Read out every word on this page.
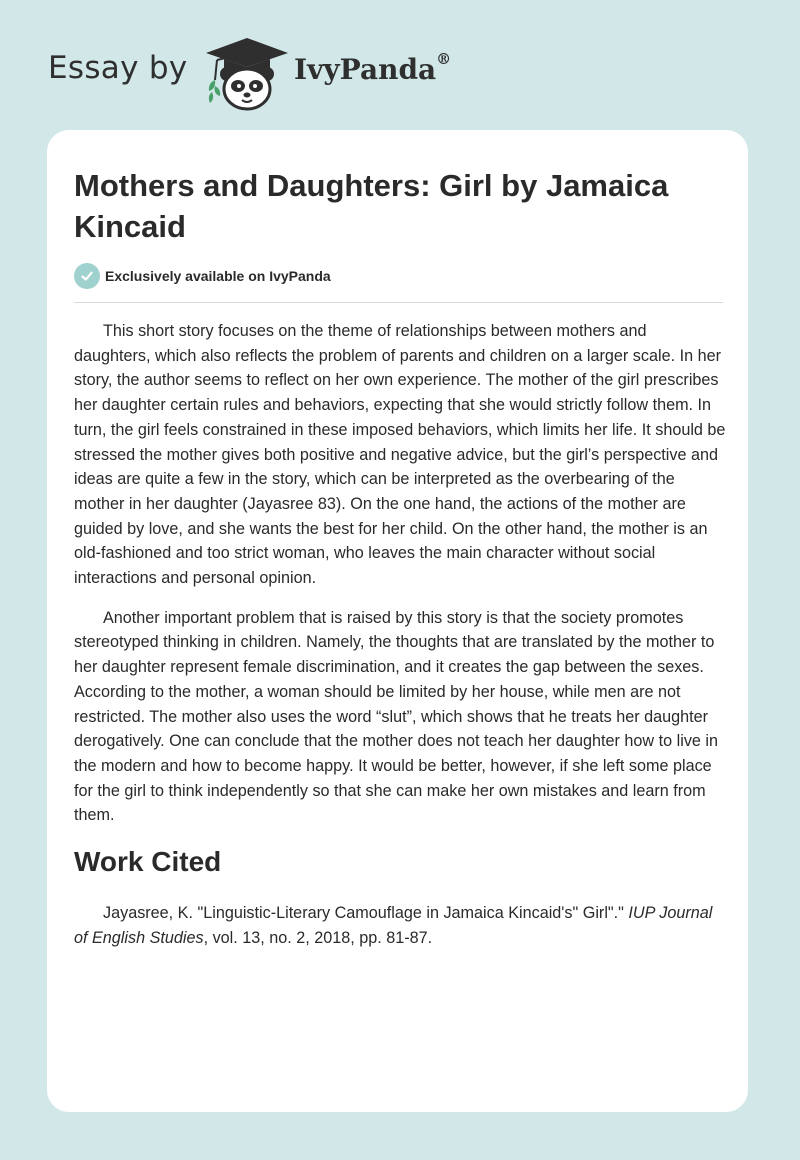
Essay by	IvyPanda®
Mothers and Daughters: Girl by Jamaica Kincaid
Exclusively available on IvyPanda

This short story focuses on the theme of relationships between mothers and daughters, which also reflects the problem of parents and children on a larger scale. In her story, the author seems to reflect on her own experience. The mother of the girl prescribes her daughter certain rules and behaviors, expecting that she would strictly follow them. In turn, the girl feels constrained in these imposed behaviors, which limits her life. It should be stressed the mother gives both positive and negative advice, but the girl’s perspective and ideas are quite a few in the story, which can be interpreted as the overbearing of the mother in her daughter (Jayasree 83). On the one hand, the actions of the mother are guided by love, and she wants the best for her child. On the other hand, the mother is an old-fashioned and too strict woman, who leaves the main character without social interactions and personal opinion.

Another important problem that is raised by this story is that the society promotes stereotyped thinking in children. Namely, the thoughts that are translated by the mother to her daughter represent female discrimination, and it creates the gap between the sexes. According to the mother, a woman should be limited by her house, while men are not restricted. The mother also uses the word “slut”, which shows that he treats her daughter derogatively. One can conclude that the mother does not teach her daughter how to live in the modern and how to become happy. It would be better, however, if she left some place for the girl to think independently so that she can make her own mistakes and learn from them.

Work Cited

Jayasree, K. "Linguistic-Literary Camouflage in Jamaica Kincaid's" Girl"." IUP Journal of English Studies, vol. 13, no. 2, 2018, pp. 81-87.
